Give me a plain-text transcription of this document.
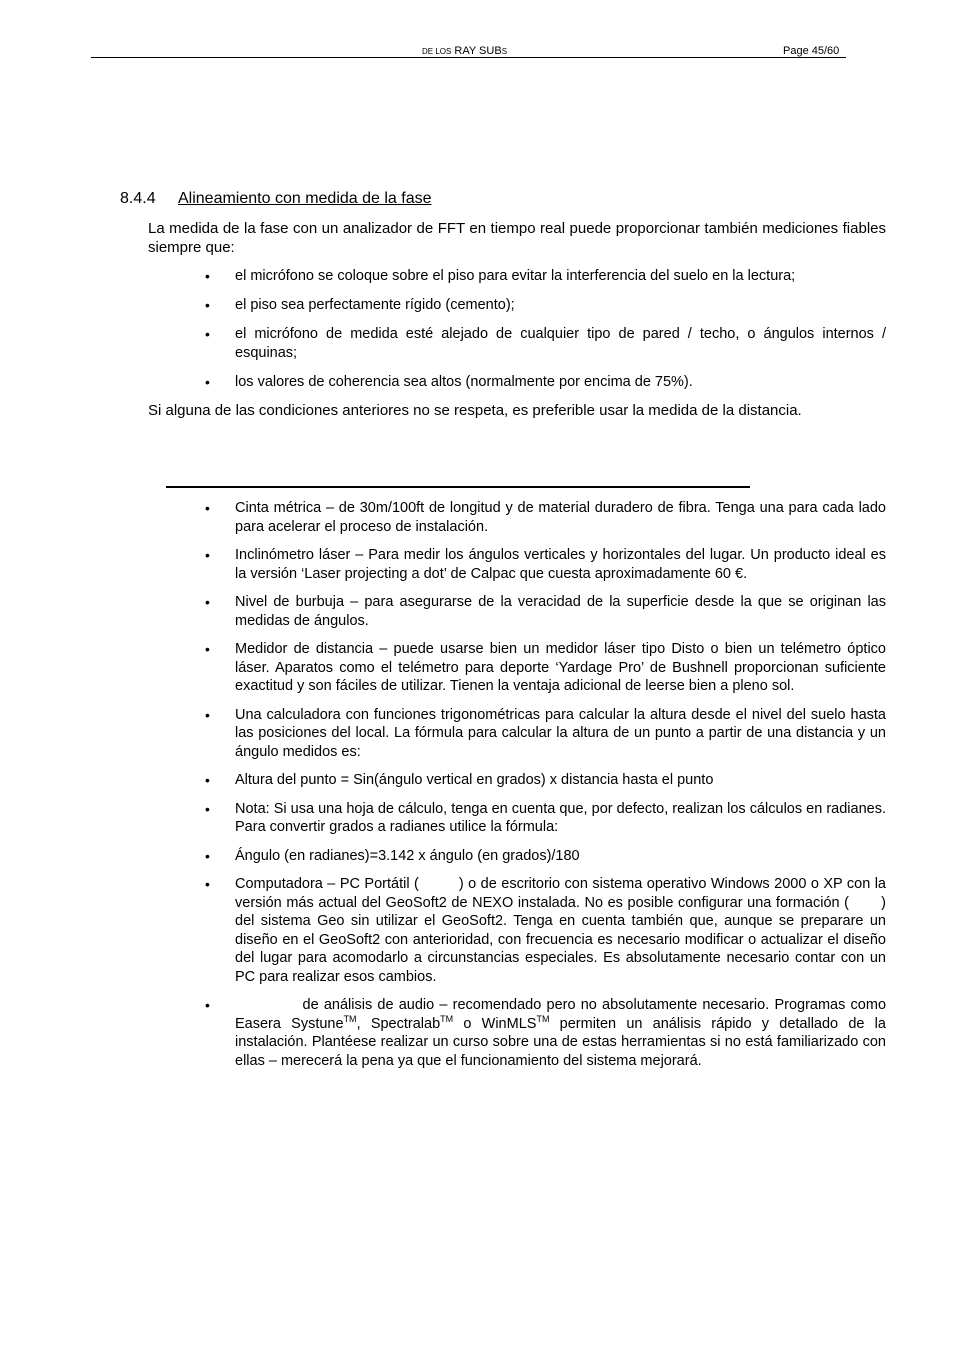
DE LOS RAY SUBS	Page 45/60
8.4.4 Alineamiento con medida de la fase
La medida de la fase con un analizador de FFT en tiempo real puede proporcionar también mediciones fiables siempre que:
• el micrófono se coloque sobre el piso para evitar la interferencia del suelo en la lectura;
• el piso sea perfectamente rígido (cemento);
• el micrófono de medida esté alejado de cualquier tipo de pared / techo, o ángulos internos / esquinas;
• los valores de coherencia sea altos (normalmente por encima de 75%).
Si alguna de las condiciones anteriores no se respeta, es preferible usar la medida de la distancia.
• Cinta métrica – de 30m/100ft de longitud y de material duradero de fibra. Tenga una para cada lado para acelerar el proceso de instalación.
• Inclinómetro láser – Para medir los ángulos verticales y horizontales del lugar. Un producto ideal es la versión ‘Laser projecting a dot’ de Calpac que cuesta aproximadamente 60 €.
• Nivel de burbuja – para asegurarse de la veracidad de la superficie desde la que se originan las medidas de ángulos.
• Medidor de distancia – puede usarse bien un medidor láser tipo Disto o bien un telémetro óptico láser. Aparatos como el telémetro para deporte ‘Yardage Pro’ de Bushnell proporcionan suficiente exactitud y son fáciles de utilizar. Tienen la ventaja adicional de leerse bien a pleno sol.
• Una calculadora con funciones trigonométricas para calcular la altura desde el nivel del suelo hasta las posiciones del local. La fórmula para calcular la altura de un punto a partir de una distancia y un ángulo medidos es:
• Altura del punto = Sin(ángulo vertical en grados) x distancia hasta el punto
• Nota: Si usa una hoja de cálculo, tenga en cuenta que, por defecto, realizan los cálculos en radianes. Para convertir grados a radianes utilice la fórmula:
• Ángulo (en radianes)=3.142 x ángulo (en grados)/180
• Computadora – PC Portátil (         ) o de escritorio con sistema operativo Windows 2000 o XP con la versión más actual del GeoSoft2 de NEXO instalada. No es posible configurar una formación (       ) del sistema Geo sin utilizar el GeoSoft2. Tenga en cuenta también que, aunque se preparare un diseño en el GeoSoft2 con anterioridad, con frecuencia es necesario modificar o actualizar el diseño del lugar para acomodarlo a circunstancias especiales. Es absolutamente necesario contar con un PC para realizar esos cambios.
• de análisis de audio – recomendado pero no absolutamente necesario. Programas como Easera Systune™, Spectralab™ o WinMLS™ permiten un análisis rápido y detallado de la instalación. Plantéese realizar un curso sobre una de estas herramientas si no está familiarizado con ellas – merecerá la pena ya que el funcionamiento del sistema mejorará.
